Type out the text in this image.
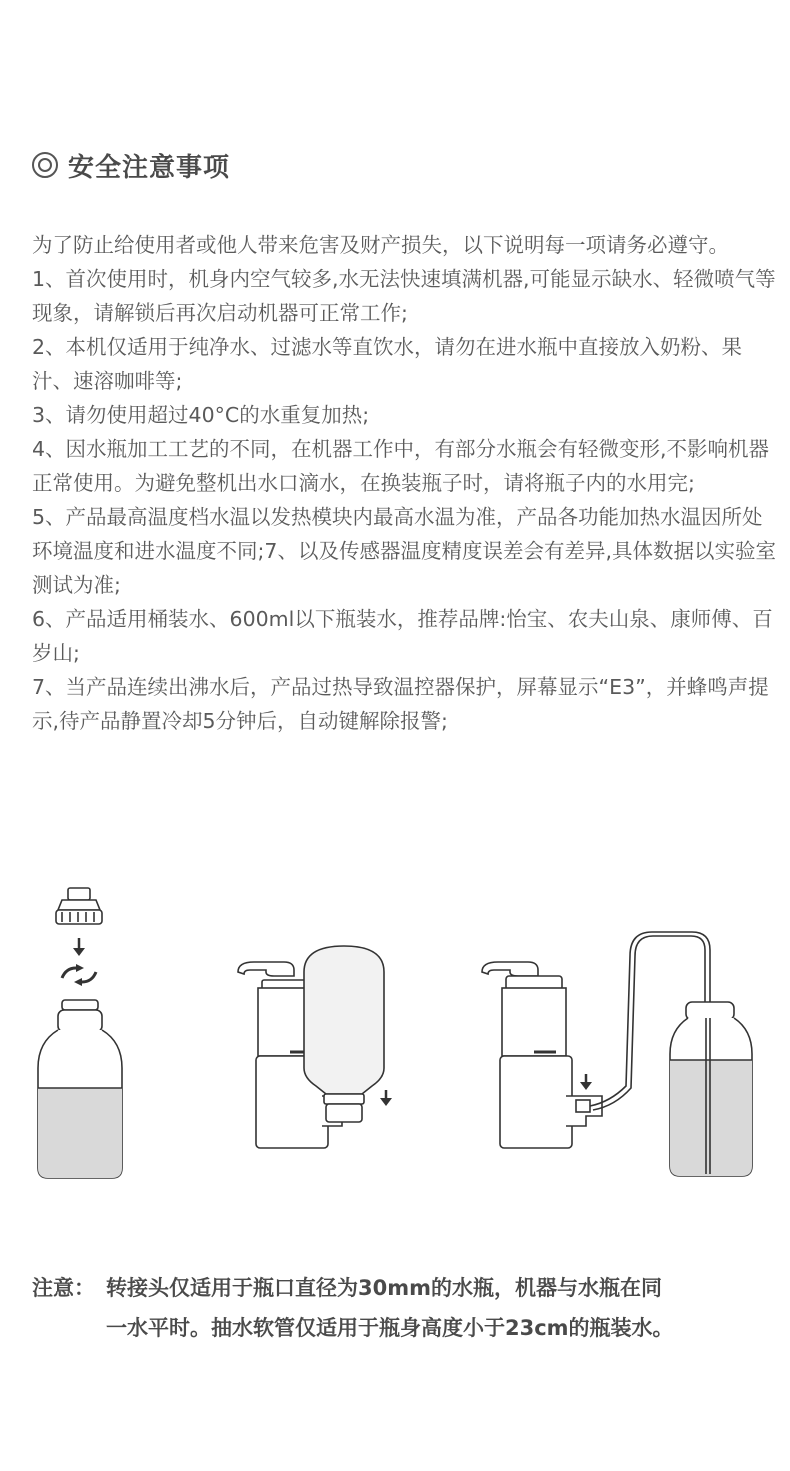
安全注意事项

为了防止给使用者或他人带来危害及财产损失，以下说明每一项请务必遵守。

1、首次使用时，机身内空气较多,水无法快速填满机器,可能显示缺水、轻微喷气等现象，请解锁后再次启动机器可正常工作;

2、本机仅适用于纯净水、过滤水等直饮水，请勿在进水瓶中直接放入奶粉、果汁、速溶咖啡等;

3、请勿使用超过40°C的水重复加热;

4、因水瓶加工工艺的不同，在机器工作中，有部分水瓶会有轻微变形,不影响机器正常使用。为避免整机出水口滴水，在换装瓶子时，请将瓶子内的水用完;

5、产品最高温度档水温以发热模块内最高水温为准，产品各功能加热水温因所处环境温度和进水温度不同;7、以及传感器温度精度误差会有差异,具体数据以实验室测试为准;

6、产品适用桶装水、600ml以下瓶装水，推荐品牌:怡宝、农夫山泉、康师傅、百岁山;

7、当产品连续出沸水后，产品过热导致温控器保护，屏幕显示“E3”，并蜂鸣声提示,待产品静置冷却5分钟后，自动键解除报警;

注意： 转接头仅适用于瓶口直径为30mm的水瓶，机器与水瓶在同
一水平时。抽水软管仅适用于瓶身高度小于23cm的瓶装水。
